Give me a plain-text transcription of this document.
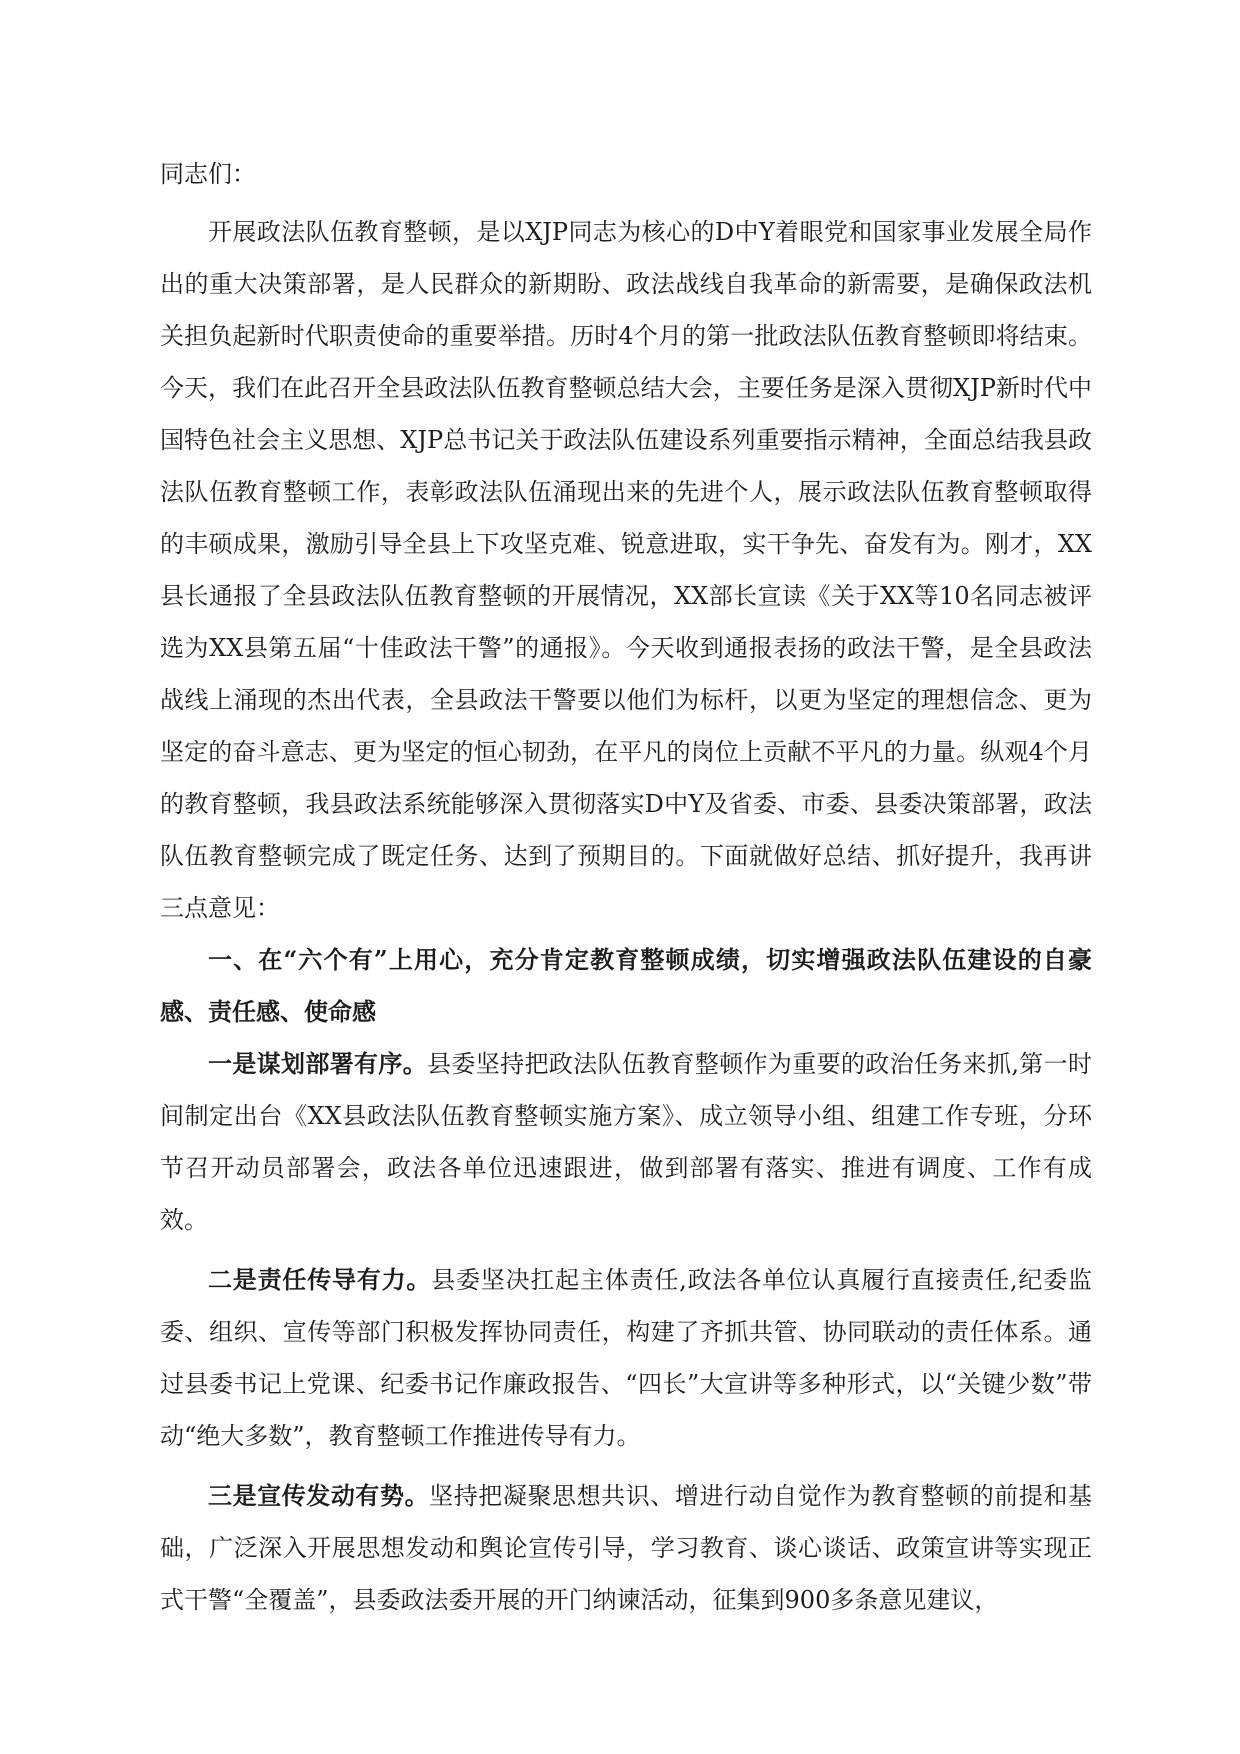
同志们：

开展政法队伍教育整顿，是以XJP同志为核心的D中Y着眼党和国家事业发展全局作出的重大决策部署，是人民群众的新期盼、政法战线自我革命的新需要，是确保政法机关担负起新时代职责使命的重要举措。历时4个月的第一批政法队伍教育整顿即将结束。今天，我们在此召开全县政法队伍教育整顿总结大会，主要任务是深入贯彻XJP新时代中国特色社会主义思想、XJP总书记关于政法队伍建设系列重要指示精神，全面总结我县政法队伍教育整顿工作，表彰政法队伍涌现出来的先进个人，展示政法队伍教育整顿取得的丰硕成果，激励引导全县上下攻坚克难、锐意进取，实干争先、奋发有为。刚才，XX县长通报了全县政法队伍教育整顿的开展情况，XX部长宣读《关于XX等10名同志被评选为XX县第五届“十佳政法干警”的通报》。今天收到通报表扬的政法干警，是全县政法战线上涌现的杰出代表，全县政法干警要以他们为标杆，以更为坚定的理想信念、更为坚定的奋斗意志、更为坚定的恒心韧劲，在平凡的岗位上贡献不平凡的力量。纵观4个月的教育整顿，我县政法系统能够深入贯彻落实D中Y及省委、市委、县委决策部署，政法队伍教育整顿完成了既定任务、达到了预期目的。下面就做好总结、抓好提升，我再讲三点意见：

一、在“六个有”上用心，充分肯定教育整顿成绩，切实增强政法队伍建设的自豪感、责任感、使命感

一是谋划部署有序。县委坚持把政法队伍教育整顿作为重要的政治任务来抓,第一时间制定出台《XX县政法队伍教育整顿实施方案》、成立领导小组、组建工作专班，分环节召开动员部署会，政法各单位迅速跟进，做到部署有落实、推进有调度、工作有成效。

二是责任传导有力。县委坚决扛起主体责任,政法各单位认真履行直接责任,纪委监委、组织、宣传等部门积极发挥协同责任，构建了齐抓共管、协同联动的责任体系。通过县委书记上党课、纪委书记作廉政报告、“四长”大宣讲等多种形式，以“关键少数”带动“绝大多数”，教育整顿工作推进传导有力。

三是宣传发动有势。坚持把凝聚思想共识、增进行动自觉作为教育整顿的前提和基础，广泛深入开展思想发动和舆论宣传引导，学习教育、谈心谈话、政策宣讲等实现正式干警“全覆盖”，县委政法委开展的开门纳谏活动，征集到900多条意见建议，
